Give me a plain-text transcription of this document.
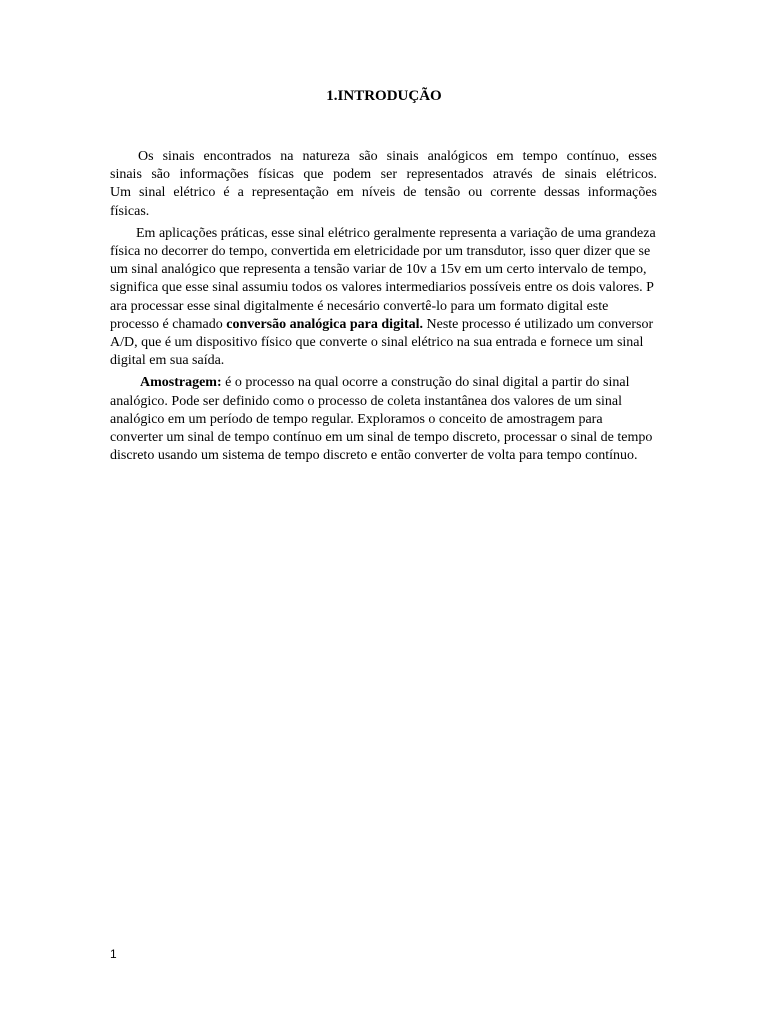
1.INTRODUÇÃO

Os sinais encontrados na natureza são sinais analógicos em tempo contínuo, esses
sinais são informações físicas que podem ser representados através de sinais elétricos.
Um sinal elétrico é a representação em níveis de tensão ou corrente dessas informações
físicas.

Em aplicações práticas, esse sinal elétrico geralmente representa a variação de uma grandeza física no decorrer do tempo, convertida em eletricidade por um transdutor, isso quer dizer que se um sinal analógico que representa a tensão variar de 10v a 15v em um certo intervalo de tempo, significa que esse sinal assumiu todos os valores intermediarios possíveis entre os dois valores. P ara processar esse sinal digitalmente é necesário convertê-lo para um formato digital este processo é chamado conversão analógica para digital. Neste processo é utilizado um conversor A/D, que é um dispositivo físico que converte o sinal elétrico na sua entrada e fornece um sinal digital em sua saída.

Amostragem: é o processo na qual ocorre a construção do sinal digital a partir do sinal analógico. Pode ser definido como o processo de coleta instantânea dos valores de um sinal analógico em um período de tempo regular. Exploramos o conceito de amostragem para converter um sinal de tempo contínuo em um sinal de tempo discreto, processar o sinal de tempo discreto usando um sistema de tempo discreto e então converter de volta para tempo contínuo.

1
